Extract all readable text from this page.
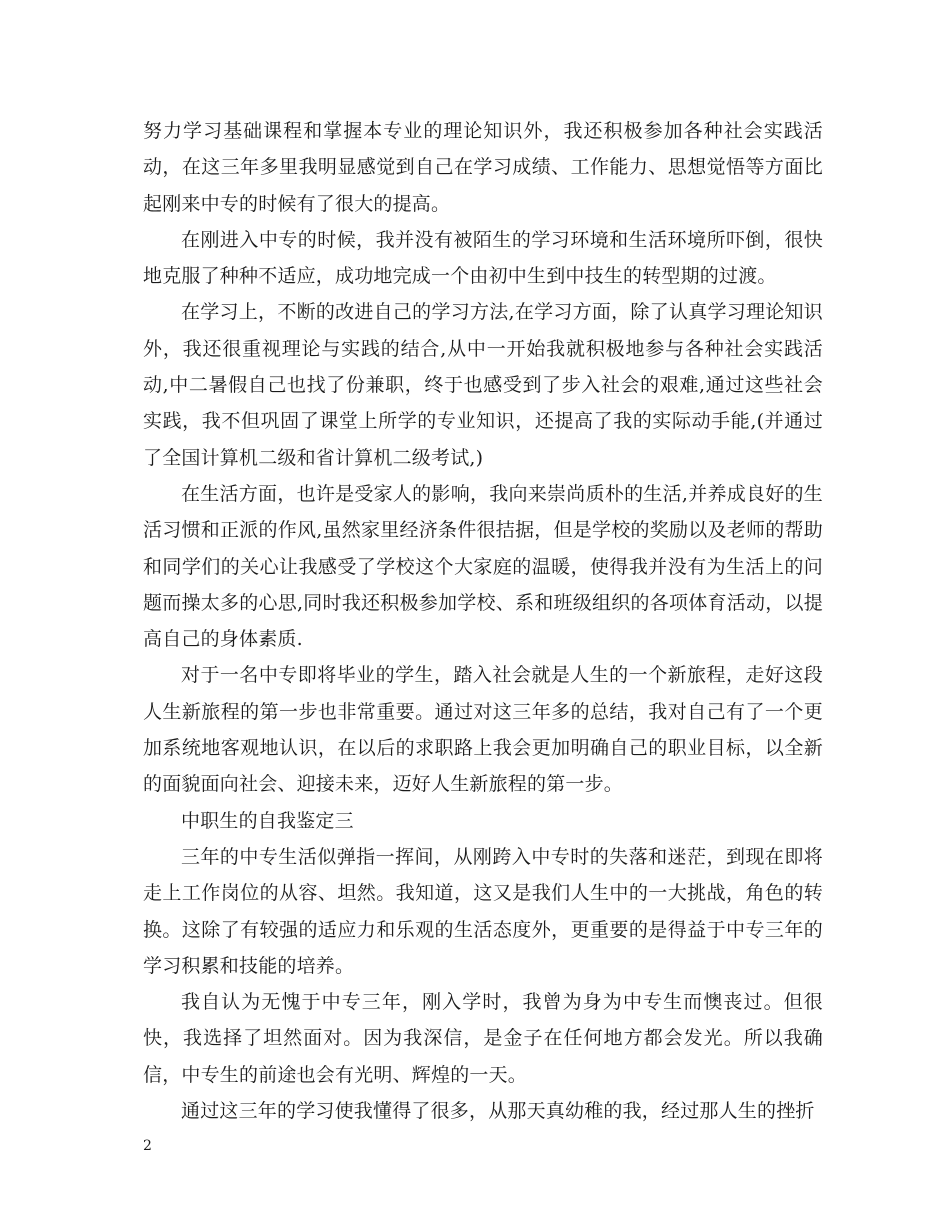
努力学习基础课程和掌握本专业的理论知识外，我还积极参加各种社会实践活动，在这三年多里我明显感觉到自己在学习成绩、工作能力、思想觉悟等方面比起刚来中专的时候有了很大的提高。

在刚进入中专的时候，我并没有被陌生的学习环境和生活环境所吓倒，很快地克服了种种不适应，成功地完成一个由初中生到中技生的转型期的过渡。

在学习上，不断的改进自己的学习方法,在学习方面，除了认真学习理论知识外，我还很重视理论与实践的结合,从中一开始我就积极地参与各种社会实践活动,中二暑假自己也找了份兼职，终于也感受到了步入社会的艰难,通过这些社会实践，我不但巩固了课堂上所学的专业知识，还提高了我的实际动手能,(并通过了全国计算机二级和省计算机二级考试,)

在生活方面，也许是受家人的影响，我向来崇尚质朴的生活,并养成良好的生活习惯和正派的作风,虽然家里经济条件很拮据，但是学校的奖励以及老师的帮助和同学们的关心让我感受了学校这个大家庭的温暖，使得我并没有为生活上的问题而操太多的心思,同时我还积极参加学校、系和班级组织的各项体育活动，以提高自己的身体素质.

对于一名中专即将毕业的学生，踏入社会就是人生的一个新旅程，走好这段人生新旅程的第一步也非常重要。通过对这三年多的总结，我对自己有了一个更加系统地客观地认识，在以后的求职路上我会更加明确自己的职业目标，以全新的面貌面向社会、迎接未来，迈好人生新旅程的第一步。

中职生的自我鉴定三

三年的中专生活似弹指一挥间，从刚跨入中专时的失落和迷茫，到现在即将走上工作岗位的从容、坦然。我知道，这又是我们人生中的一大挑战，角色的转换。这除了有较强的适应力和乐观的生活态度外，更重要的是得益于中专三年的学习积累和技能的培养。

我自认为无愧于中专三年，刚入学时，我曾为身为中专生而懊丧过。但很快，我选择了坦然面对。因为我深信，是金子在任何地方都会发光。所以我确信，中专生的前途也会有光明、辉煌的一天。

通过这三年的学习使我懂得了很多，从那天真幼稚的我，经过那人生的挫折

2
